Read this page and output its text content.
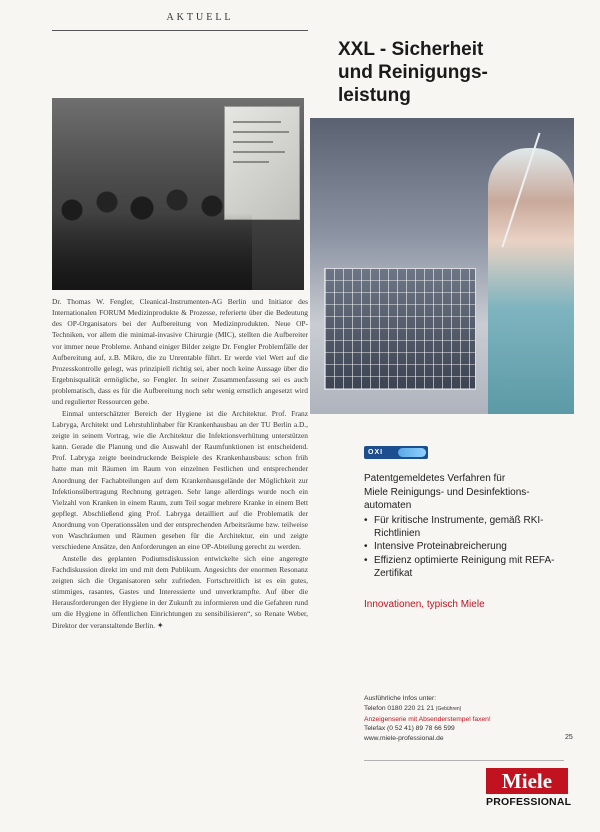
AKTUELL

Dr. Thomas W. Fengler, Cleanical-Instrumenten-AG Berlin und Initiator des Internationalen FORUM Medizinprodukte & Prozesse, referierte über die Bedeutung des OP-Organisators bei der Aufbereitung von Medizinprodukten. Neue OP-Techniken, vor allem die minimal-invasive Chirurgie (MIC), stellten die Aufbereiter vor immer neue Probleme. Anhand einiger Bilder zeigte Dr. Fengler Problemfälle der Aufbereitung auf, z.B. Mikro, die zu Unrentable führt. Er werde viel Wert auf die Prozesskontrolle gelegt, was prinzipiell richtig sei, aber noch keine Aussage über die Ergebnisqualität ermögliche, so Fengler. In seiner Zusammenfassung sei es auch problematisch, dass es für die Aufbereitung noch sehr wenig ernstlich angesetzt wird und regulierter Ressourcen gebe.

Einmal unterschätzter Bereich der Hygiene ist die Architektur. Prof. Franz Labryga, Architekt und Lehrstuhlinhaber für Krankenhausbau an der TU Berlin a.D., zeigte in seinem Vortrag, wie die Architektur die Infektionsverhütung unterstützen kann. Gerade die Planung und die Auswahl der Raumfunktionen ist entscheidend. Prof. Labryga zeigte beeindruckende Beispiele des Krankenhausbaus: schon früh hatte man mit Räumen im Raum von einzelnen Festlichen und entsprechender Anordnung der Fachabteilungen auf dem Krankenhausgelände der Möglichkeit zur Infektionsübertragung Rechnung getragen. Sehr lange allerdings wurde noch ein Vielzahl von Kranken in einem Raum, zum Teil sogar mehrere Kranke in einem Bett gepflegt. Abschließend ging Prof. Labryga detailliert auf die Problematik der Anordnung von Operationssälen und der entsprechenden Arbeitsräume bzw. teilweise von Waschräumen und Räumen gesehen für die Architektur, ein und zeigte verschiedene Ansätze, den Anforderungen an eine OP-Abteilung gerecht zu werden.

Anstelle des geplanten Podiumsdiskussion entwickelte sich eine angeregte Fachdiskussion direkt im und mit dem Publikum. Angesichts der enormen Resonanz zeigten sich die Organisatoren sehr zufrieden. Fortschreitlich ist es ein gutes, stimmiges, rasantes, Gastes und Interessierte und unverkrampfte. Auf über die Herausforderungen der Hygiene in der Zukunft zu informieren und die Gefahren rund um die Hygiene in öffentlichen Einrichtungen zu sensibilisieren“, so Renate Weber, Direktor der veranstaltende Berlin. ✦

XXL - Sicherheit
und Reinigungs-
leistung
OXI
Patentgemeldetes Verfahren für
Miele Reinigungs- und Desinfektions-
automaten
• Für kritische Instrumente, gemäß RKI-Richtlinien
• Intensive Proteinabreicherung
• Effizienz optimierte Reinigung mit REFA-Zertifikat
Innovationen, typisch Miele
Ausführliche Infos unter:
Telefon 0180 220 21 21 (Gebühren)
Anzeigenserie mit Absenderstempel faxen!
Telefax (0 52 41) 89 78 66 599
www.miele-professional.de	25
Miele
PROFESSIONAL
